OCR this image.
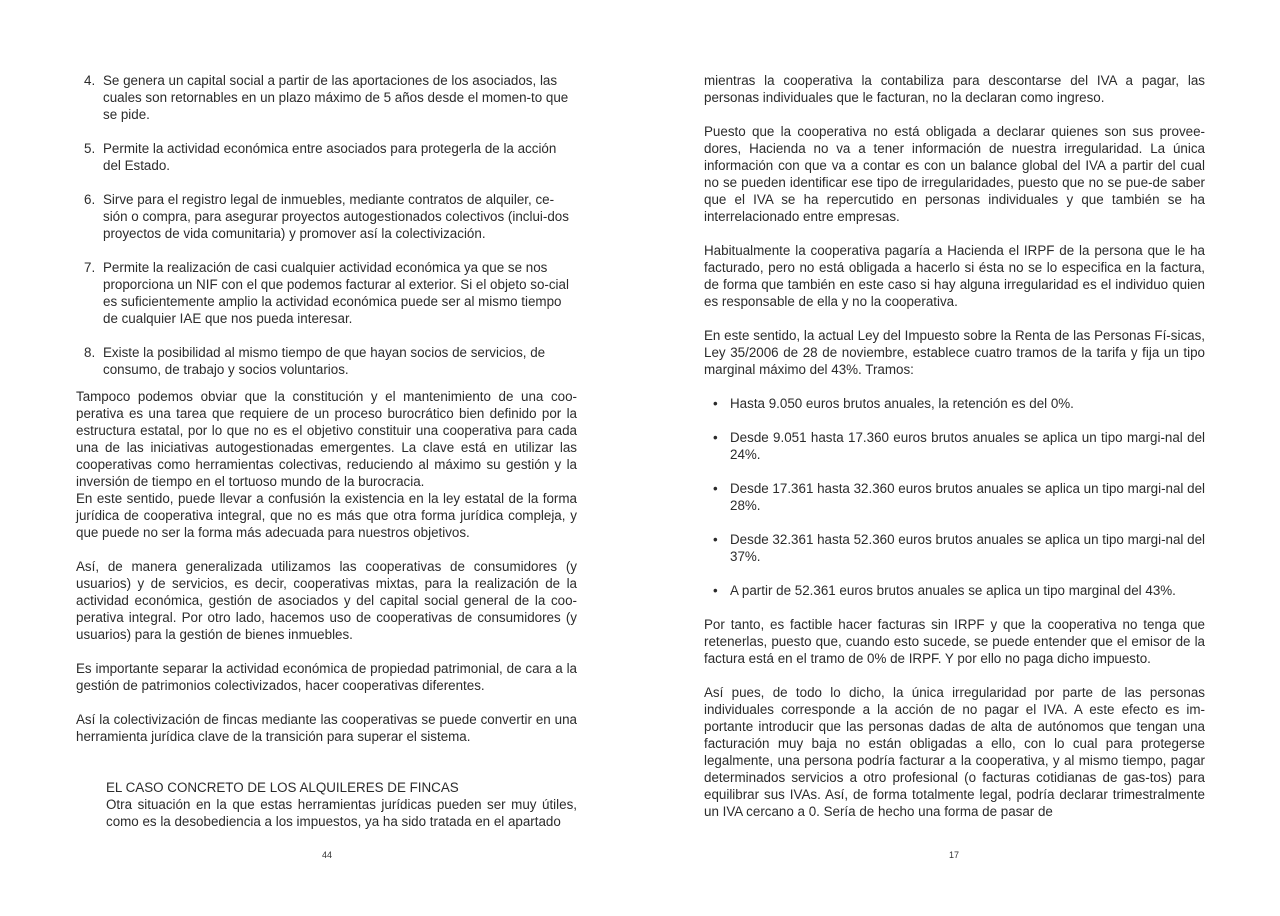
4. Se genera un capital social a partir de las aportaciones de los asociados, las cuales son retornables en un plazo máximo de 5 años desde el momen-to que se pide.
5. Permite la actividad económica entre asociados para protegerla de la acción del Estado.
6. Sirve para el registro legal de inmuebles, mediante contratos de alquiler, ce-sión o compra, para asegurar proyectos autogestionados colectivos (inclui-dos proyectos de vida comunitaria) y promover así la colectivización.
7. Permite la realización de casi cualquier actividad económica ya que se nos proporciona un NIF con el que podemos facturar al exterior. Si el objeto so-cial es suficientemente amplio la actividad económica puede ser al mismo tiempo de cualquier IAE que nos pueda interesar.
8. Existe la posibilidad al mismo tiempo de que hayan socios de servicios, de consumo, de trabajo y socios voluntarios.

Tampoco podemos obviar que la constitución y el mantenimiento de una coo-perativa es una tarea que requiere de un proceso burocrático bien definido por la estructura estatal, por lo que no es el objetivo constituir una cooperativa para cada una de las iniciativas autogestionadas emergentes. La clave está en utilizar las cooperativas como herramientas colectivas, reduciendo al máximo su gestión y la inversión de tiempo en el tortuoso mundo de la burocracia.

En este sentido, puede llevar a confusión la existencia en la ley estatal de la forma jurídica de cooperativa integral, que no es más que otra forma jurídica compleja, y que puede no ser la forma más adecuada para nuestros objetivos.

Así, de manera generalizada utilizamos las cooperativas de consumidores (y usuarios) y de servicios, es decir, cooperativas mixtas, para la realización de la actividad económica, gestión de asociados y del capital social general de la coo-perativa integral. Por otro lado, hacemos uso de cooperativas de consumidores (y usuarios) para la gestión de bienes inmuebles.

Es importante separar la actividad económica de propiedad patrimonial, de cara a la gestión de patrimonios colectivizados, hacer cooperativas diferentes.

Así la colectivización de fincas mediante las cooperativas se puede convertir en una herramienta jurídica clave de la transición para superar el sistema.

EL CASO CONCRETO DE LOS ALQUILERES DE FINCAS

Otra situación en la que estas herramientas jurídicas pueden ser muy útiles, como es la desobediencia a los impuestos, ya ha sido tratada en el apartado

44

mientras la cooperativa la contabiliza para descontarse del IVA a pagar, las personas individuales que le facturan, no la declaran como ingreso.

Puesto que la cooperativa no está obligada a declarar quienes son sus provee-dores, Hacienda no va a tener información de nuestra irregularidad. La única información con que va a contar es con un balance global del IVA a partir del cual no se pueden identificar ese tipo de irregularidades, puesto que no se pue-de saber que el IVA se ha repercutido en personas individuales y que también se ha interrelacionado entre empresas.

Habitualmente la cooperativa pagaría a Hacienda el IRPF de la persona que le ha facturado, pero no está obligada a hacerlo si ésta no se lo especifica en la factura, de forma que también en este caso si hay alguna irregularidad es el individuo quien es responsable de ella y no la cooperativa.

En este sentido, la actual Ley del Impuesto sobre la Renta de las Personas Fí-sicas, Ley 35/2006 de 28 de noviembre, establece cuatro tramos de la tarifa y fija un tipo marginal máximo del 43%. Tramos:

• Hasta 9.050 euros brutos anuales, la retención es del 0%.
• Desde 9.051 hasta 17.360 euros brutos anuales se aplica un tipo margi-nal del 24%.
• Desde 17.361 hasta 32.360 euros brutos anuales se aplica un tipo margi-nal del 28%.
• Desde 32.361 hasta 52.360 euros brutos anuales se aplica un tipo margi-nal del 37%.
• A partir de 52.361 euros brutos anuales se aplica un tipo marginal del 43%.

Por tanto, es factible hacer facturas sin IRPF y que la cooperativa no tenga que retenerlas, puesto que, cuando esto sucede, se puede entender que el emisor de la factura está en el tramo de 0% de IRPF. Y por ello no paga dicho impuesto.

Así pues, de todo lo dicho, la única irregularidad por parte de las personas individuales corresponde a la acción de no pagar el IVA. A este efecto es im-portante introducir que las personas dadas de alta de autónomos que tengan una facturación muy baja no están obligadas a ello, con lo cual para protegerse legalmente, una persona podría facturar a la cooperativa, y al mismo tiempo, pagar determinados servicios a otro profesional (o facturas cotidianas de gas-tos) para equilibrar sus IVAs. Así, de forma totalmente legal, podría declarar trimestralmente un IVA cercano a 0. Sería de hecho una forma de pasar de

17
